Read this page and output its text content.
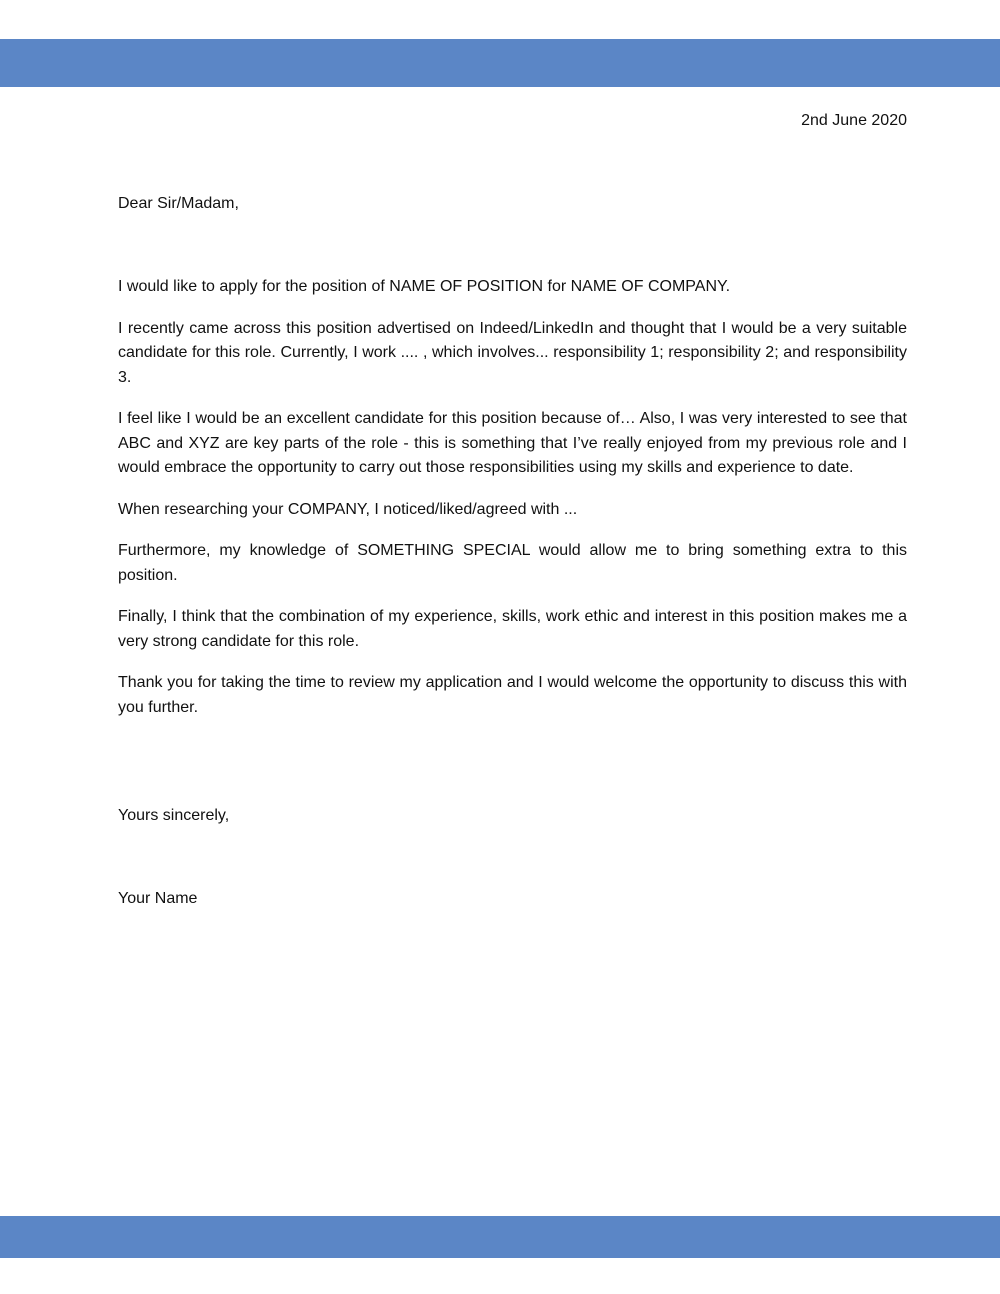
2nd June 2020
Dear Sir/Madam,

I would like to apply for the position of NAME OF POSITION for NAME OF COMPANY.

I recently came across this position advertised on Indeed/LinkedIn and thought that I would be a very suitable candidate for this role. Currently, I work .... , which involves... responsibility 1; responsibility 2; and responsibility 3.

I feel like I would be an excellent candidate for this position because of… Also, I was very interested to see that ABC and XYZ are key parts of the role - this is something that I’ve really enjoyed from my previous role and I would embrace the opportunity to carry out those responsibilities using my skills and experience to date.

When researching your COMPANY, I noticed/liked/agreed with ...

Furthermore, my knowledge of SOMETHING SPECIAL would allow me to bring something extra to this position.

Finally, I think that the combination of my experience, skills, work ethic and interest in this position makes me a very strong candidate for this role.

Thank you for taking the time to review my application and I would welcome the opportunity to discuss this with you further.

Yours sincerely,
Your Name
